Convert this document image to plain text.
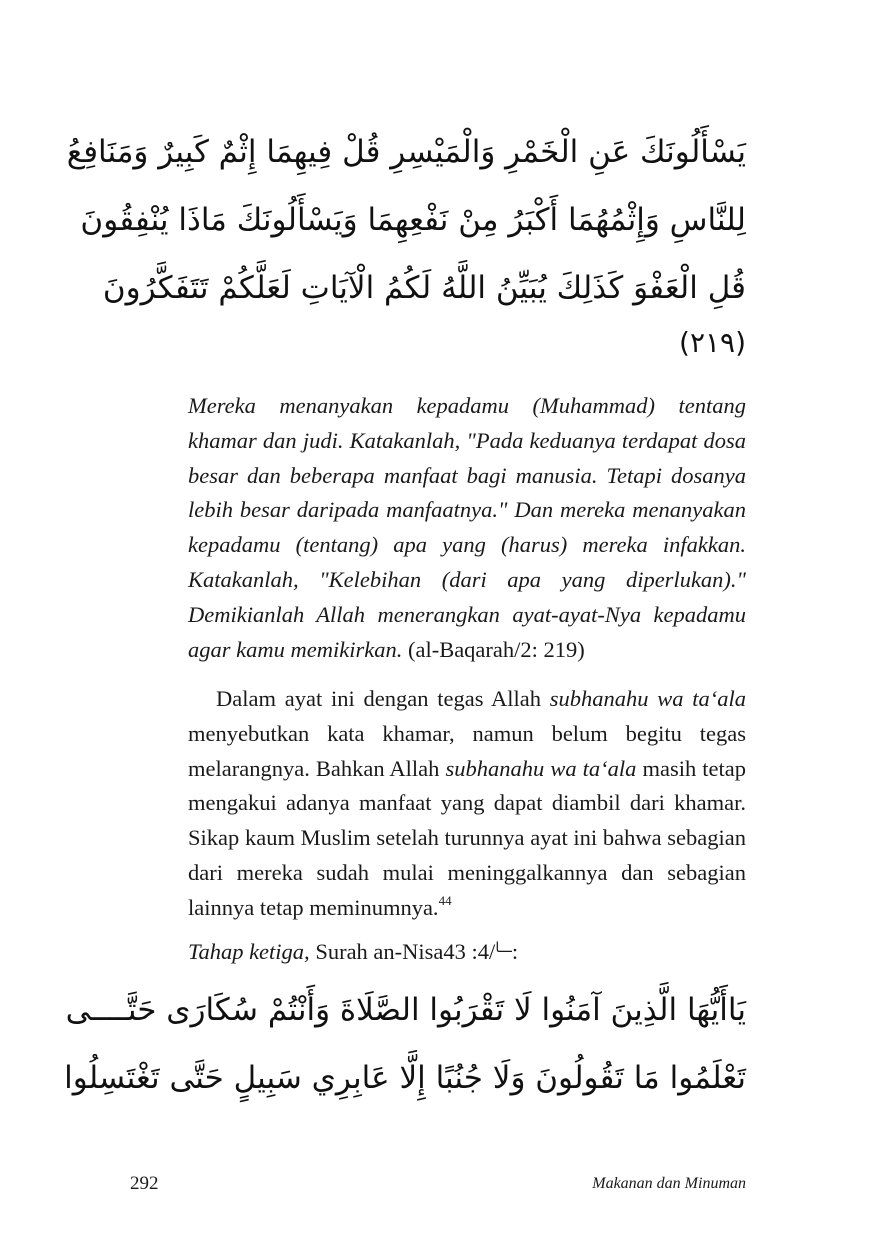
يَسْأَلُونَكَ عَنِ الْخَمْرِ وَالْمَيْسِرِ قُلْ فِيهِمَا إِثْمٌ كَبِيرٌ وَمَنَافِعُ
لِلنَّاسِ وَإِثْمُهُمَا أَكْبَرُ مِنْ نَفْعِهِمَا وَيَسْأَلُونَكَ مَاذَا يُنْفِقُونَ
قُلِ الْعَفْوَ كَذَلِكَ يُبَيِّنُ اللَّهُ لَكُمُ الْآيَاتِ لَعَلَّكُمْ تَتَفَكَّرُونَ
(٢١٩)

Mereka menanyakan kepadamu (Muhammad) tentang khamar dan judi. Katakanlah, "Pada keduanya terdapat dosa besar dan beberapa manfaat bagi manusia. Tetapi dosanya lebih besar daripada manfaatnya." Dan mereka menanyakan kepadamu (tentang) apa yang (harus) mereka infakkan. Katakanlah, "Kelebihan (dari apa yang diperlukan)." Demikianlah Allah menerangkan ayat-ayat-Nya kepadamu agar kamu memikirkan. (al-Baqarah/2: 219)

Dalam ayat ini dengan tegas Allah subhanahu wa ta‘ala menyebutkan kata khamar, namun belum begitu tegas melarangnya. Bahkan Allah subhanahu wa ta‘ala masih tetap mengakui adanya manfaat yang dapat diambil dari khamar. Sikap kaum Muslim setelah turunnya ayat ini bahwa sebagian dari mereka sudah mulai meninggalkannya dan sebagian lainnya tetap meminumnya.$^{44}$

Tahap ketiga, Surah an-Nisa	$^{ـــا}$/4: 43:

يَاأَيُّهَا الَّذِينَ آمَنُوا لَا تَقْرَبُوا الصَّلَاةَ وَأَنْتُمْ سُكَارَى حَتَّــــى
تَعْلَمُوا مَا تَقُولُونَ وَلَا جُنُبًا إِلَّا عَابِرِي سَبِيلٍ حَتَّى تَغْتَسِلُوا
292	Makanan dan Minuman
